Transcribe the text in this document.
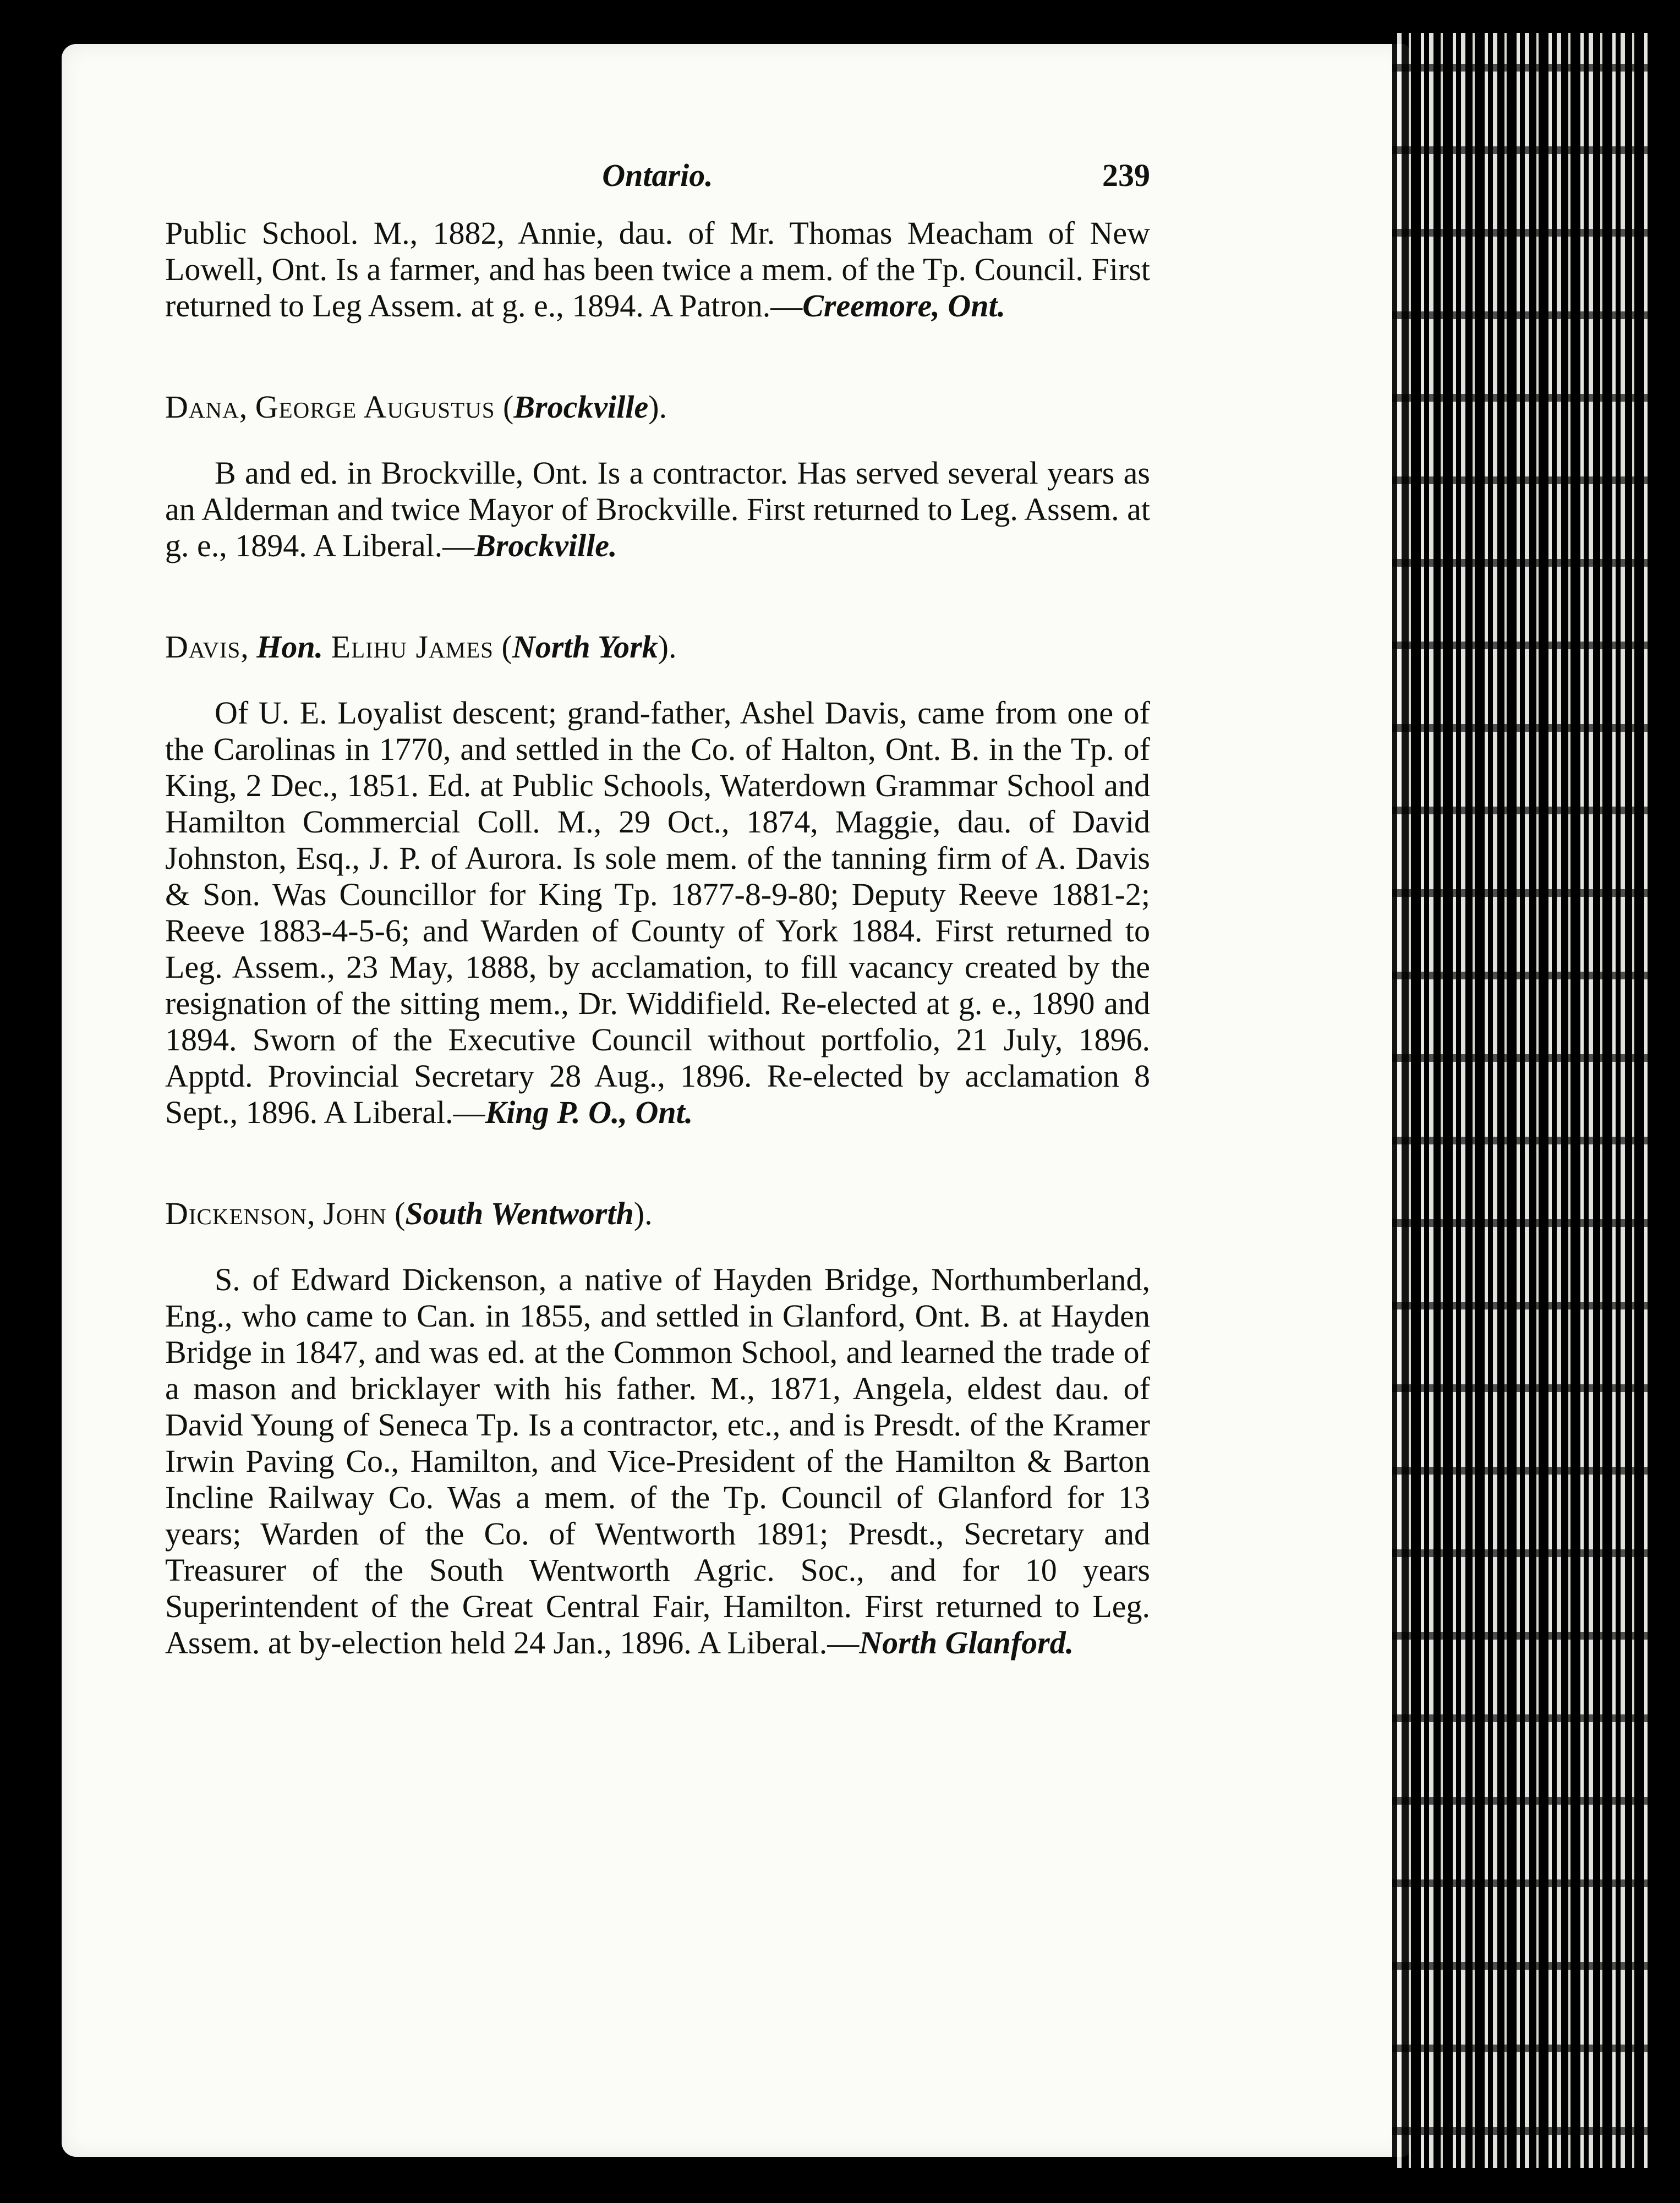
Ontario.	239

Public School. M., 1882, Annie, dau. of Mr. Thomas Meacham of New Lowell, Ont. Is a farmer, and has been twice a mem. of the Tp. Council. First returned to Leg Assem. at g. e., 1894. A Patron.—Creemore, Ont.

Dana, George Augustus (Brockville).

B and ed. in Brockville, Ont. Is a contractor. Has served several years as an Alderman and twice Mayor of Brockville. First returned to Leg. Assem. at g. e., 1894. A Liberal.—Brockville.

Davis, Hon. Elihu James (North York).

Of U. E. Loyalist descent; grand-father, Ashel Davis, came from one of the Carolinas in 1770, and settled in the Co. of Halton, Ont. B. in the Tp. of King, 2 Dec., 1851. Ed. at Public Schools, Waterdown Grammar School and Hamilton Commercial Coll. M., 29 Oct., 1874, Maggie, dau. of David Johnston, Esq., J. P. of Aurora. Is sole mem. of the tanning firm of A. Davis & Son. Was Councillor for King Tp. 1877-8-9-80; Deputy Reeve 1881-2; Reeve 1883-4-5-6; and Warden of County of York 1884. First returned to Leg. Assem., 23 May, 1888, by acclamation, to fill vacancy created by the resignation of the sitting mem., Dr. Widdifield. Re-elected at g. e., 1890 and 1894. Sworn of the Executive Council without portfolio, 21 July, 1896. Apptd. Provincial Secretary 28 Aug., 1896. Re-elected by acclamation 8 Sept., 1896. A Liberal.—King P. O., Ont.

Dickenson, John (South Wentworth).

S. of Edward Dickenson, a native of Hayden Bridge, Northumberland, Eng., who came to Can. in 1855, and settled in Glanford, Ont. B. at Hayden Bridge in 1847, and was ed. at the Common School, and learned the trade of a mason and bricklayer with his father. M., 1871, Angela, eldest dau. of David Young of Seneca Tp. Is a contractor, etc., and is Presdt. of the Kramer Irwin Paving Co., Hamilton, and Vice-President of the Hamilton & Barton Incline Railway Co. Was a mem. of the Tp. Council of Glanford for 13 years; Warden of the Co. of Wentworth 1891; Presdt., Secretary and Treasurer of the South Wentworth Agric. Soc., and for 10 years Superintendent of the Great Central Fair, Hamilton. First returned to Leg. Assem. at by-election held 24 Jan., 1896. A Liberal.—North Glanford.
